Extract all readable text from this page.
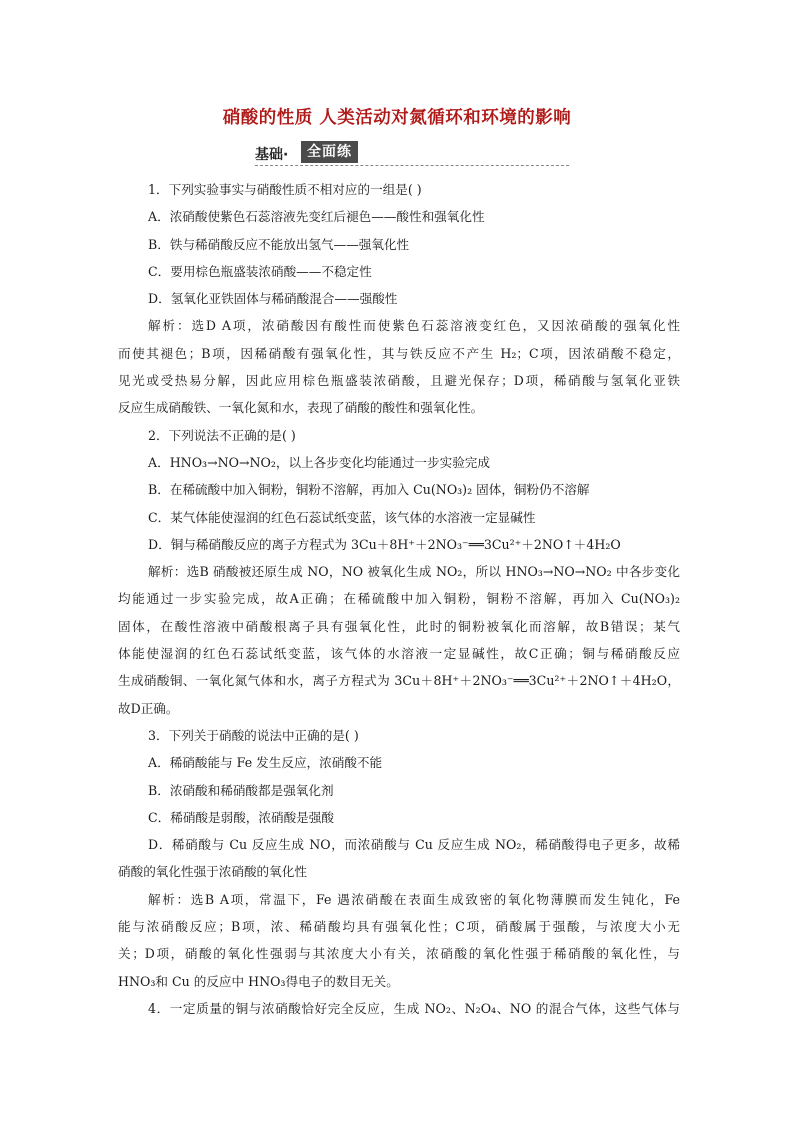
硝酸的性质 人类活动对氮循环和环境的影响
基础·	全面练
1．下列实验事实与硝酸性质不相对应的一组是( )
A．浓硝酸使紫色石蕊溶液先变红后褪色——酸性和强氧化性
B．铁与稀硝酸反应不能放出氢气——强氧化性
C．要用棕色瓶盛装浓硝酸——不稳定性
D．氢氧化亚铁固体与稀硝酸混合——强酸性
解析：选D A项，浓硝酸因有酸性而使紫色石蕊溶液变红色，又因浓硝酸的强氧化性
而使其褪色；B项，因稀硝酸有强氧化性，其与铁反应不产生 H₂；C项，因浓硝酸不稳定，
见光或受热易分解，因此应用棕色瓶盛装浓硝酸，且避光保存；D项，稀硝酸与氢氧化亚铁
反应生成硝酸铁、一氧化氮和水，表现了硝酸的酸性和强氧化性。
2．下列说法不正确的是( )
A．HNO₃→NO→NO₂，以上各步变化均能通过一步实验完成
B．在稀硫酸中加入铜粉，铜粉不溶解，再加入 Cu(NO₃)₂ 固体，铜粉仍不溶解
C．某气体能使湿润的红色石蕊试纸变蓝，该气体的水溶液一定显碱性
D．铜与稀硝酸反应的离子方程式为 3Cu＋8H⁺＋2NO₃⁻══3Cu²⁺＋2NO↑＋4H₂O
解析：选B 硝酸被还原生成 NO，NO 被氧化生成 NO₂，所以 HNO₃→NO→NO₂ 中各步变化
均能通过一步实验完成，故A正确；在稀硫酸中加入铜粉，铜粉不溶解，再加入 Cu(NO₃)₂
固体，在酸性溶液中硝酸根离子具有强氧化性，此时的铜粉被氧化而溶解，故B错误；某气
体能使湿润的红色石蕊试纸变蓝，该气体的水溶液一定显碱性，故C正确；铜与稀硝酸反应
生成硝酸铜、一氧化氮气体和水，离子方程式为 3Cu＋8H⁺＋2NO₃⁻══3Cu²⁺＋2NO↑＋4H₂O，
故D正确。
3．下列关于硝酸的说法中正确的是( )
A．稀硝酸能与 Fe 发生反应，浓硝酸不能
B．浓硝酸和稀硝酸都是强氧化剂
C．稀硝酸是弱酸，浓硝酸是强酸
D．稀硝酸与 Cu 反应生成 NO，而浓硝酸与 Cu 反应生成 NO₂，稀硝酸得电子更多，故稀
硝酸的氧化性强于浓硝酸的氧化性
解析：选B A项，常温下，Fe 遇浓硝酸在表面生成致密的氧化物薄膜而发生钝化，Fe
能与浓硝酸反应；B项，浓、稀硝酸均具有强氧化性；C项，硝酸属于强酸，与浓度大小无
关；D项，硝酸的氧化性强弱与其浓度大小有关，浓硝酸的氧化性强于稀硝酸的氧化性，与
HNO₃和 Cu 的反应中 HNO₃得电子的数目无关。
4．一定质量的铜与浓硝酸恰好完全反应，生成 NO₂、N₂O₄、NO 的混合气体，这些气体与
